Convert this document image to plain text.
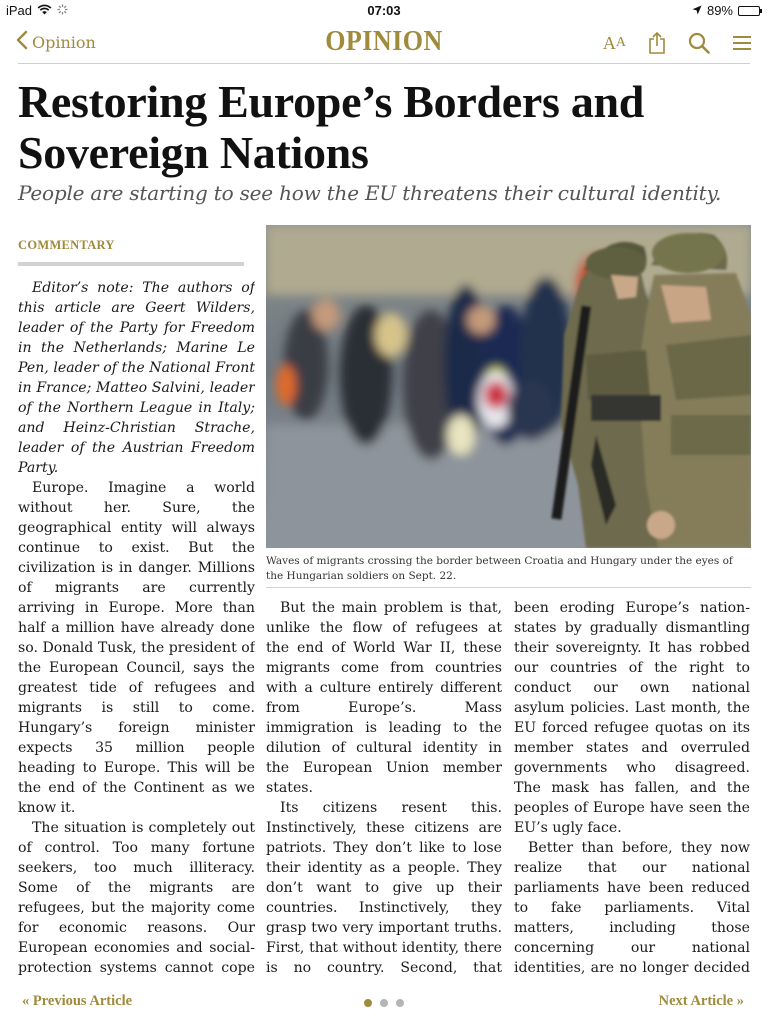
iPad	07:03	89%
Opinion	OPINION	A A
Restoring Europe’s Borders and Sovereign Nations
People are starting to see how the EU threatens their cultural identity.
COMMENTARY

Editor’s note: The authors of this article are Geert Wilders, leader of the Party for Freedom in the Netherlands; Marine Le Pen, leader of the National Front in France; Matteo Salvini, leader of the Northern League in Italy; and Heinz-Christian Strache, leader of the Austrian Freedom Party.

Europe. Imagine a world without her. Sure, the geographical entity will always continue to exist. But the civilization is in danger. Millions of migrants are currently arriving in Europe. More than half a million have already done so. Donald Tusk, the president of the European Council, says the greatest tide of refugees and migrants is still to come. Hungary’s foreign minister expects 35 million people heading to Europe. This will be the end of the Continent as we know it.

The situation is completely out of control. Too many fortune seekers, too much illiteracy. Some of the migrants are refugees, but the majority come for economic reasons. Our European economies and social-protection systems cannot cope

Waves of migrants crossing the border between Croatia and Hungary under the eyes of the Hungarian soldiers on Sept. 22.

But the main problem is that, unlike the flow of refugees at the end of World War II, these migrants come from countries with a culture entirely different from Europe’s. Mass immigration is leading to the dilution of cultural identity in the European Union member states.

Its citizens resent this. Instinctively, these citizens are patriots. They don’t like to lose their identity as a people. They don’t want to give up their countries. Instinctively, they grasp two very important truths. First, that without identity, there is no country. Second, that

been eroding Europe’s nation-states by gradually dismantling their sovereignty. It has robbed our countries of the right to conduct our own national asylum policies. Last month, the EU forced refugee quotas on its member states and overruled governments who disagreed. The mask has fallen, and the peoples of Europe have seen the EU’s ugly face.

Better than before, they now realize that our national parliaments have been reduced to fake parliaments. Vital matters, including those concerning our national identities, are no longer decided

« Previous Article	Next Article »
